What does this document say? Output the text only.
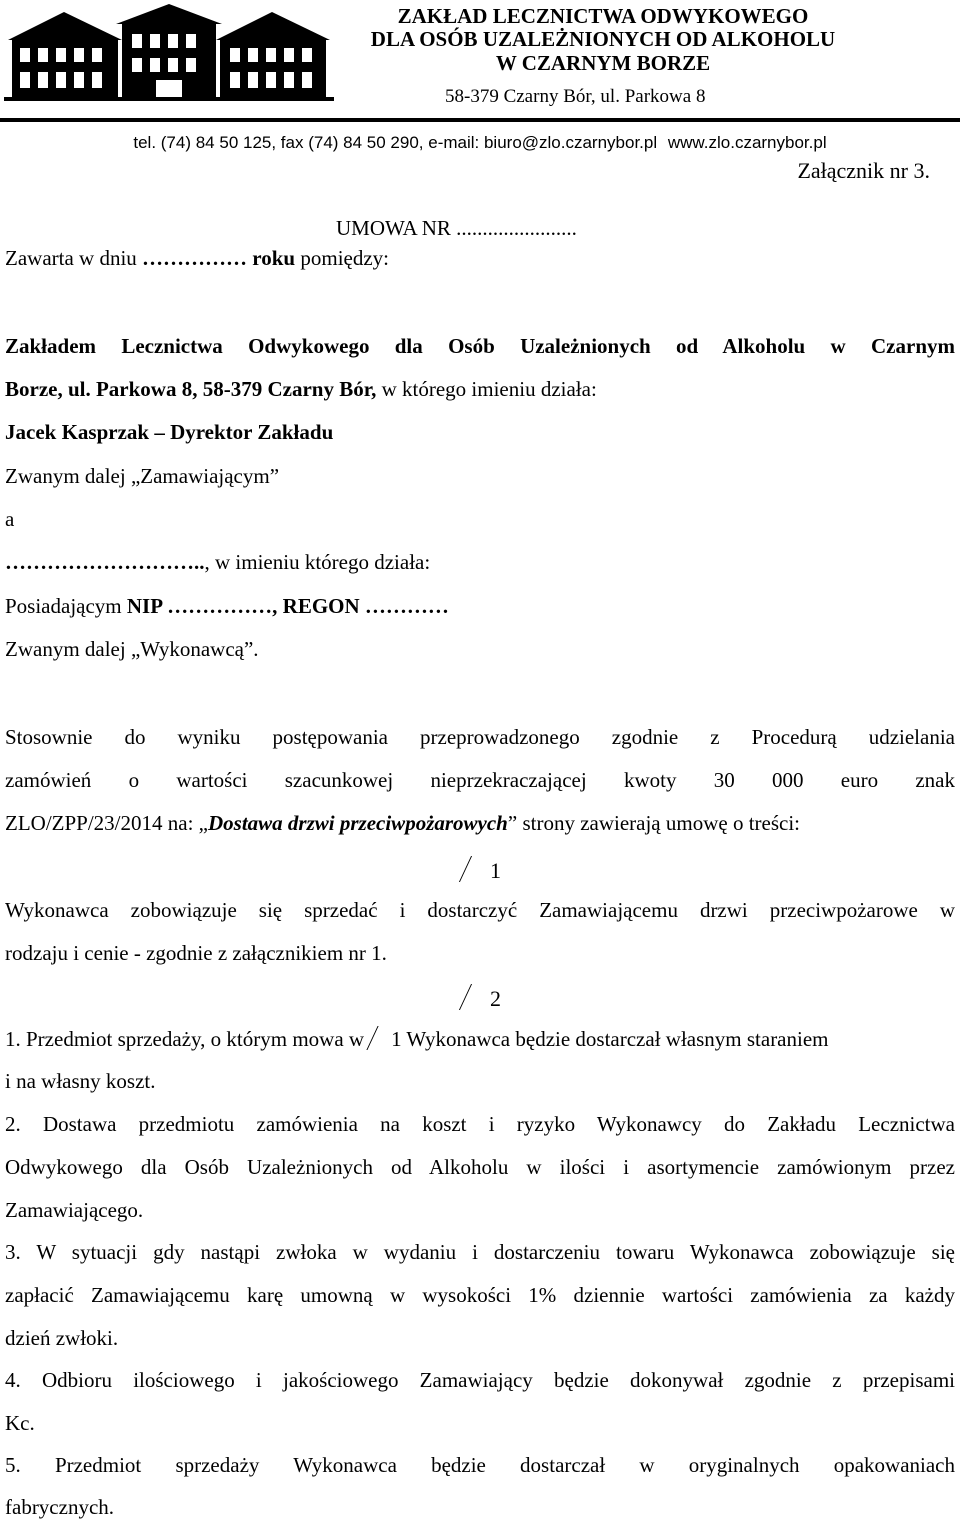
ZAKŁAD LECZNICTWA ODWYKOWEGO
DLA OSÓB UZALEŻNIONYCH OD ALKOHOLU
W CZARNYM BORZE
58-379 Czarny Bór, ul. Parkowa 8
tel. (74) 84 50 125, fax (74) 84 50 290, e-mail: biuro@zlo.czarnybor.pl www.zlo.czarnybor.pl
Załącznik nr 3.
UMOWA NR .......................
Zawarta w dniu …………… roku pomiędzy:
Zakładem Lecznictwa Odwykowego dla Osób Uzależnionych od Alkoholu w Czarnym
Borze, ul. Parkowa 8, 58-379 Czarny Bór, w którego imieniu działa:
Jacek Kasprzak – Dyrektor Zakładu
Zwanym dalej „Zamawiającym”
a
……………………….., w imieniu którego działa:
Posiadającym NIP ……………, REGON …………
Zwanym dalej „Wykonawcą”.
Stosownie do wyniku postępowania przeprowadzonego zgodnie z Procedurą udzielania
zamówień o wartości szacunkowej nieprzekraczającej kwoty 30 000 euro znak
ZLO/ZPP/23/2014 na: „Dostawa drzwi przeciwpożarowych” strony zawierają umowę o treści:
1
Wykonawca zobowiązuje się sprzedać i dostarczyć Zamawiającemu drzwi przeciwpożarowe w
rodzaju i cenie - zgodnie z załącznikiem nr 1.
2
1. Przedmiot sprzedaży, o którym mowa w 1 Wykonawca będzie dostarczał własnym staraniem
i na własny koszt.
2. Dostawa przedmiotu zamówienia na koszt i ryzyko Wykonawcy do Zakładu Lecznictwa
Odwykowego dla Osób Uzależnionych od Alkoholu w ilości i asortymencie zamówionym przez
Zamawiającego.
3. W sytuacji gdy nastąpi zwłoka w wydaniu i dostarczeniu towaru Wykonawca zobowiązuje się
zapłacić Zamawiającemu karę umowną w wysokości 1% dziennie wartości zamówienia za każdy
dzień zwłoki.
4. Odbioru ilościowego i jakościowego Zamawiający będzie dokonywał zgodnie z przepisami
Kc.
5. Przedmiot sprzedaży Wykonawca będzie dostarczał w oryginalnych opakowaniach
fabrycznych.
